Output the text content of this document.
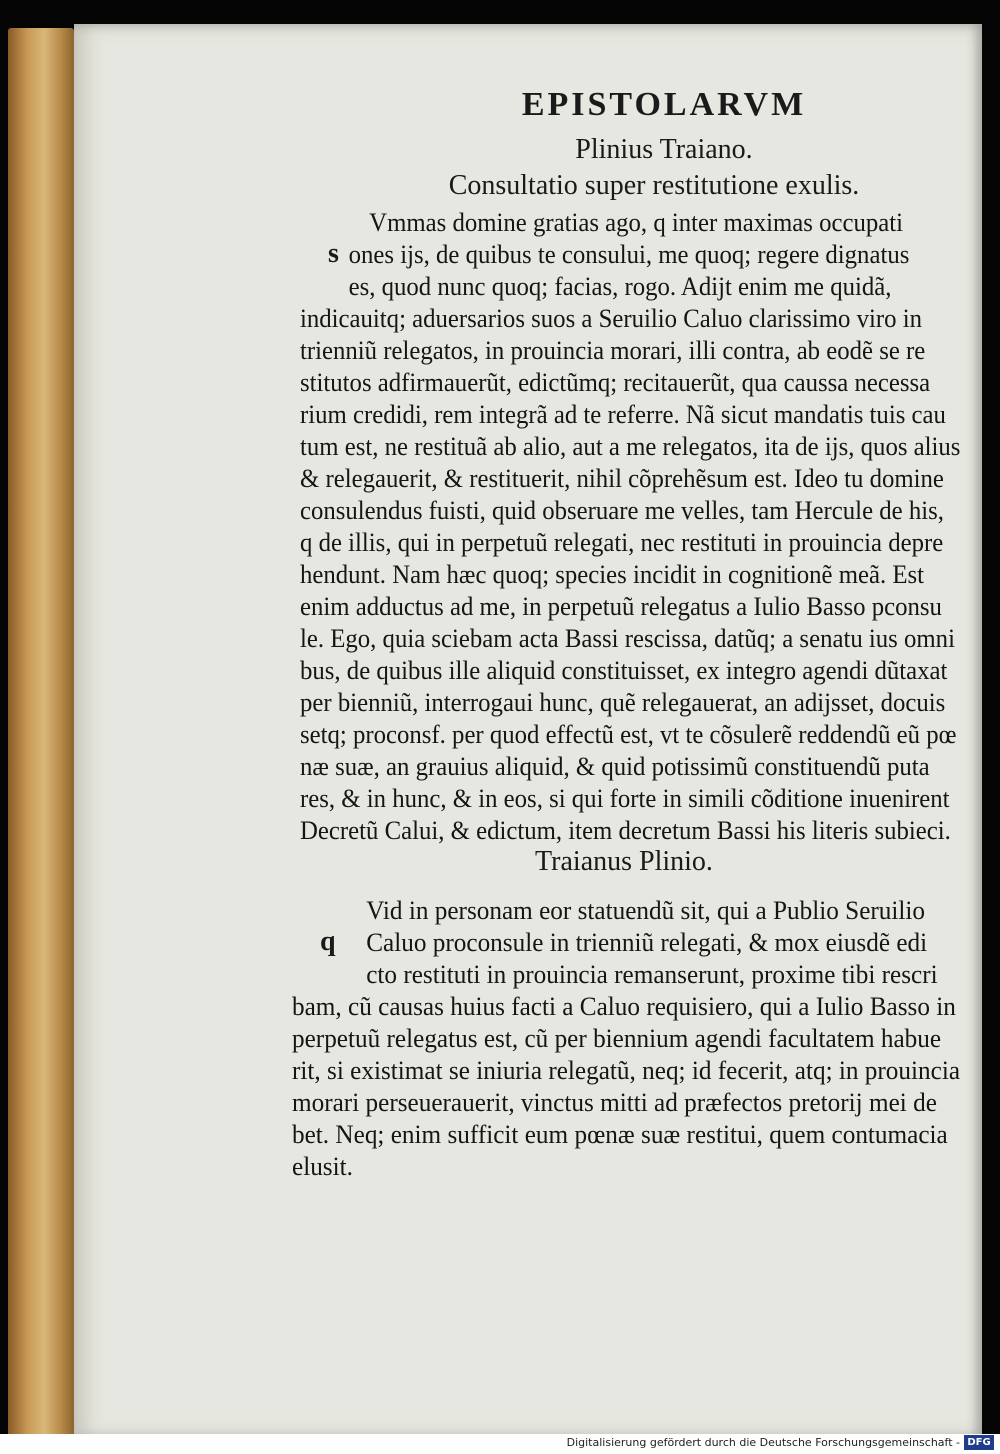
EPISTOLARVM
Plinius Traiano.
Consultatio super restitutione exulis.
s
Vmmas domine gratias ago, q inter maximas occupati
ones ijs, de quibus te consului, me quoq; regere dignatus
es, quod nunc quoq; facias, rogo. Adijt enim me quidã,
indicauitq; aduersarios suos a Seruilio Caluo clarissimo viro in
trienniũ relegatos, in prouincia morari, illi contra, ab eodẽ se re
stitutos adfirmauerũt, edictũmq; recitauerũt, qua caussa necessa
rium credidi, rem integrã ad te referre. Nã sicut mandatis tuis cau
tum est, ne restituã ab alio, aut a me relegatos, ita de ijs, quos alius
& relegauerit, & restituerit, nihil cõprehẽsum est. Ideo tu domine
consulendus fuisti, quid obseruare me velles, tam Hercule de his,
q de illis, qui in perpetuũ relegati, nec restituti in prouincia depre
hendunt. Nam hæc quoq; species incidit in cognitionẽ meã. Est
enim adductus ad me, in perpetuũ relegatus a Iulio Basso pconsu
le. Ego, quia sciebam acta Bassi rescissa, datũq; a senatu ius omni
bus, de quibus ille aliquid constituisset, ex integro agendi dũtaxat
per bienniũ, interrogaui hunc, quẽ relegauerat, an adijsset, docuis
setq; proconsf. per quod effectũ est, vt te cõsulerẽ reddendũ eũ pœ
næ suæ, an grauius aliquid, & quid potissimũ constituendũ puta
res, & in hunc, & in eos, si qui forte in simili cõditione inuenirent
Decretũ Calui, & edictum, item decretum Bassi his literis subieci.
Traianus Plinio.
q
Vid in personam eor statuendũ sit, qui a Publio Seruilio
Caluo proconsule in trienniũ relegati, & mox eiusdẽ edi
cto restituti in prouincia remanserunt, proxime tibi rescri
bam, cũ causas huius facti a Caluo requisiero, qui a Iulio Basso in
perpetuũ relegatus est, cũ per biennium agendi facultatem habue
rit, si existimat se iniuria relegatũ, neq; id fecerit, atq; in prouincia
morari perseuerauerit, vinctus mitti ad præfectos pretorij mei de
bet. Neq; enim sufficit eum pœnæ suæ restitui, quem contumacia
elusit.
Digitalisierung gefördert durch die Deutsche Forschungsgemeinschaft - DFG
